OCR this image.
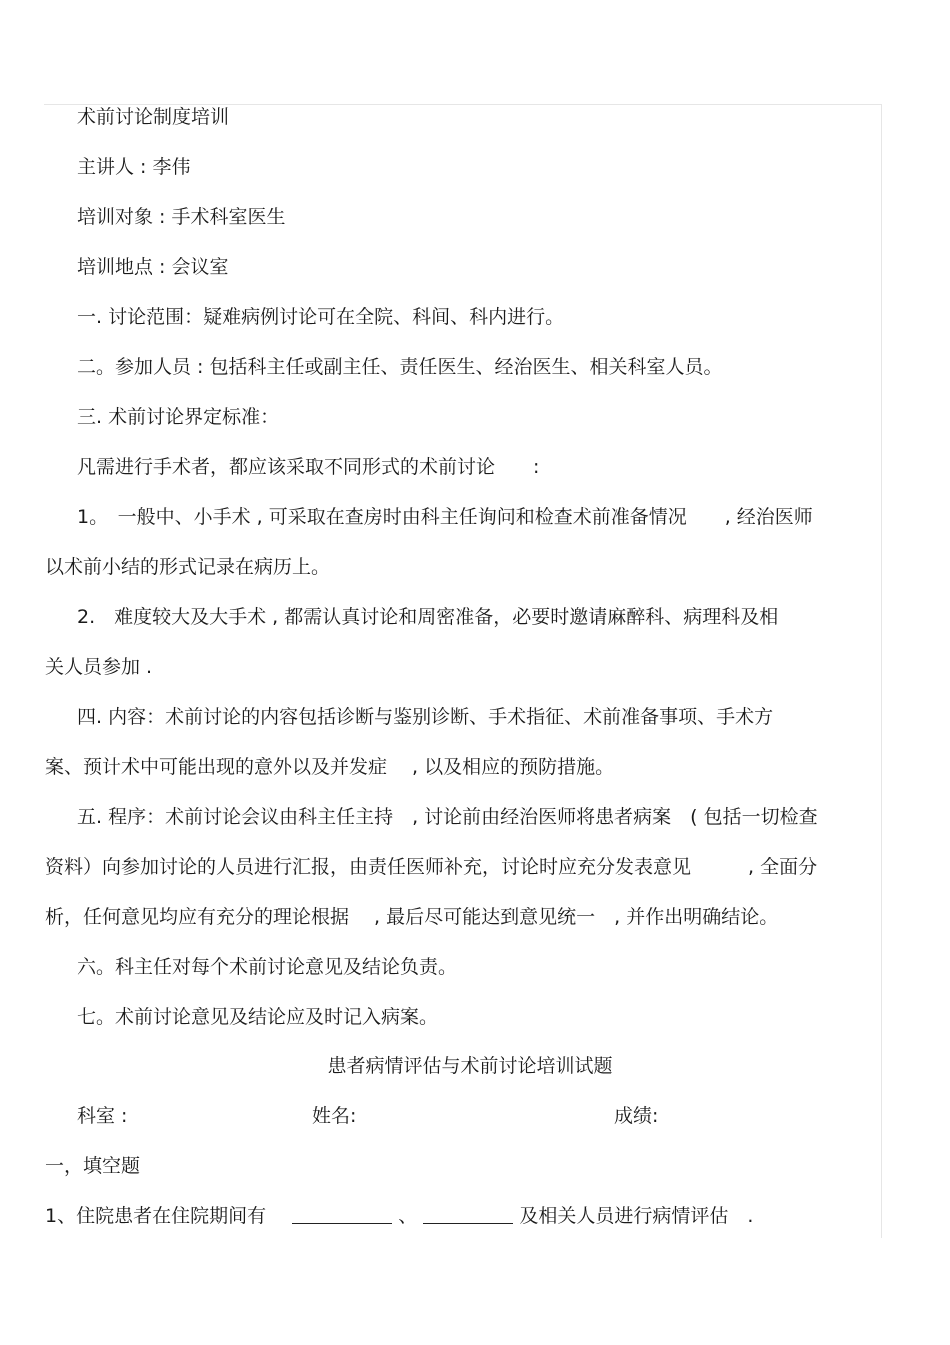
术前讨论制度培训
主讲人 : 李伟
培训对象 : 手术科室医生
培训地点 : 会议室
一. 讨论范围：疑难病例讨论可在全院、科间、科内进行。
二。参加人员 : 包括科主任或副主任、责任医生、经治医生、相关科室人员。
三. 术前讨论界定标准：
凡需进行手术者，都应该采取不同形式的术前讨论　　:
1。　一般中、小手术 , 可采取在查房时由科主任询问和检查术前准备情况　　, 经治医师
以术前小结的形式记录在病历上。
2.　难度较大及大手术 , 都需认真讨论和周密准备，必要时邀请麻醉科、病理科及相
关人员参加 .
四. 内容：术前讨论的内容包括诊断与鉴别诊断、手术指征、术前准备事项、手术方
案、预计术中可能出现的意外以及并发症　 , 以及相应的预防措施。
五. 程序：术前讨论会议由科主任主持　, 讨论前由经治医师将患者病案　( 包括一切检查
资料）向参加讨论的人员进行汇报，由责任医师补充，讨论时应充分发表意见　　　, 全面分
析，任何意见均应有充分的理论根据　 , 最后尽可能达到意见统一　, 并作出明确结论。
六。科主任对每个术前讨论意见及结论负责。
七。术前讨论意见及结论应及时记入病案。
患者病情评估与术前讨论培训试题
科室 :	姓名:	成绩:
一，填空题
1、住院患者在住院期间有	、	及相关人员进行病情评估　.
